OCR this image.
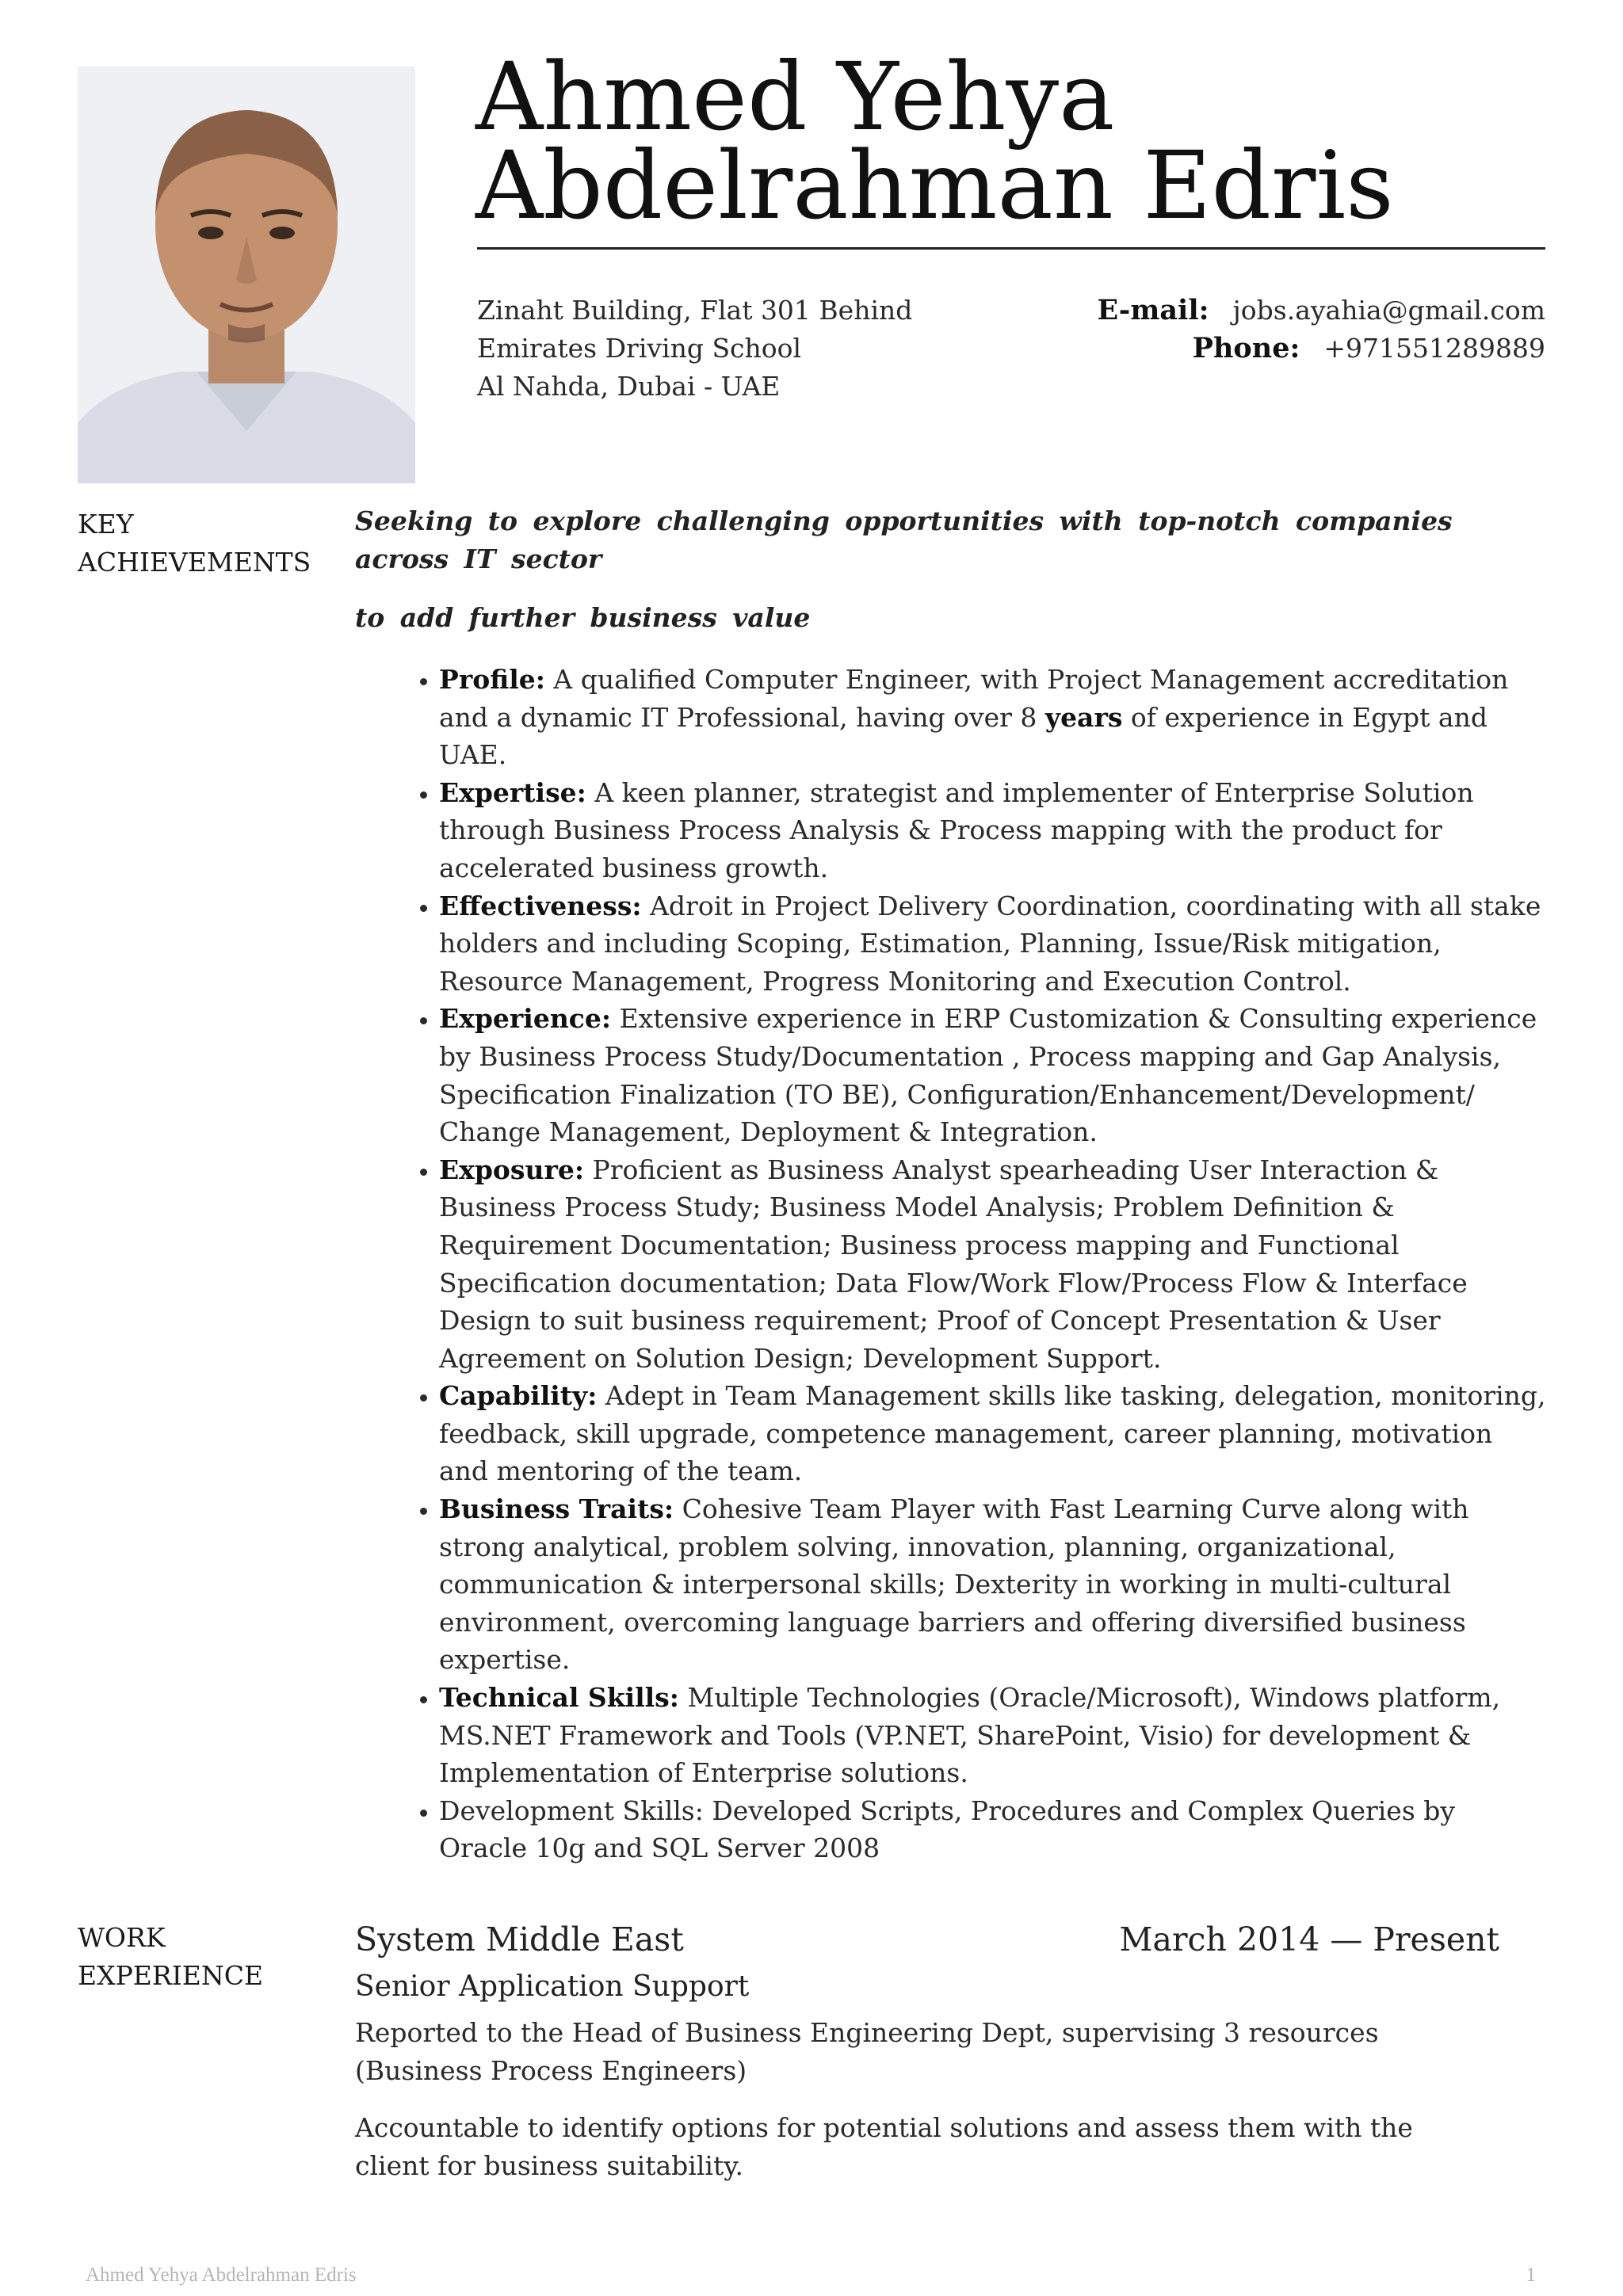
Ahmed Yehya
Abdelrahman Edris
Zinaht Building, Flat 301 Behind
Emirates Driving School
Al Nahda, Dubai - UAE
E-mail: jobs.ayahia@gmail.com
Phone: +971551289889
KEY
ACHIEVEMENTS

Seeking to explore challenging opportunities with top-notch companies across IT sector

to add further business value

• Profile: A qualified Computer Engineer, with Project Management accreditation and a dynamic IT Professional, having over 8 years of experience in Egypt and UAE.
• Expertise: A keen planner, strategist and implementer of Enterprise Solution through Business Process Analysis & Process mapping with the product for accelerated business growth.
• Effectiveness: Adroit in Project Delivery Coordination, coordinating with all stake holders and including Scoping, Estimation, Planning, Issue/Risk mitigation, Resource Management, Progress Monitoring and Execution Control.
• Experience: Extensive experience in ERP Customization & Consulting experience by Business Process Study/Documentation , Process mapping and Gap Analysis, Specification Finalization (TO BE), Configuration/Enhancement/Development/ Change Management, Deployment & Integration.
• Exposure: Proficient as Business Analyst spearheading User Interaction & Business Process Study; Business Model Analysis; Problem Definition & Requirement Documentation; Business process mapping and Functional Specification documentation; Data Flow/Work Flow/Process Flow & Interface Design to suit business requirement; Proof of Concept Presentation & User Agreement on Solution Design; Development Support.
• Capability: Adept in Team Management skills like tasking, delegation, monitoring, feedback, skill upgrade, competence management, career planning, motivation and mentoring of the team.
• Business Traits: Cohesive Team Player with Fast Learning Curve along with strong analytical, problem solving, innovation, planning, organizational, communication & interpersonal skills; Dexterity in working in multi-cultural environment, overcoming language barriers and offering diversified business expertise.
• Technical Skills: Multiple Technologies (Oracle/Microsoft), Windows platform, MS.NET Framework and Tools (VP.NET, SharePoint, Visio) for development & Implementation of Enterprise solutions.
• Development Skills: Developed Scripts, Procedures and Complex Queries by Oracle 10g and SQL Server 2008
WORK
EXPERIENCE
System Middle East	March 2014 — Present
Senior Application Support

Reported to the Head of Business Engineering Dept, supervising 3 resources (Business Process Engineers)

Accountable to identify options for potential solutions and assess them with the client for business suitability.

Ahmed Yehya Abdelrahman Edris	1
